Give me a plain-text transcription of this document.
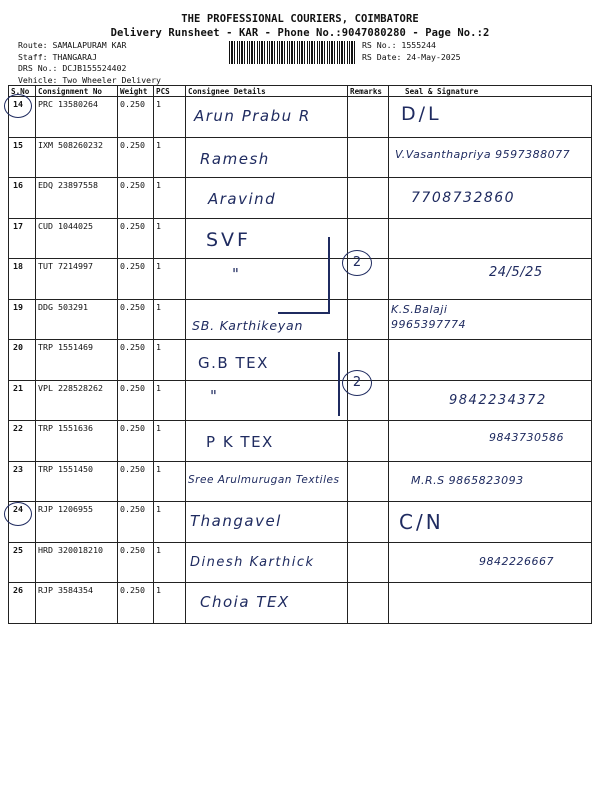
THE PROFESSIONAL COURIERS, COIMBATORE
Delivery Runsheet - KAR - Phone No.:9047080280 - Page No.:2
Route: SAMALAPURAM KAR
Staff: THANGARAJ
DRS No.: DCJB155524402
Vehicle: Two Wheeler Delivery
RS No.: 1555244
RS Date: 24-May-2025
S.No	Consignment No	Weight	PCS	Consignee Details	Remarks	Seal & Signature

14	PRC 13580264	0.250	1	Arun Prabu R		D/L

15	IXM 508260232	0.250	1	Ramesh		V.Vasanthapriya 9597388077

16	EDQ 23897558	0.250	1	Aravind		7708732860

17	CUD 1044025	0.250	1	SVF		

18	TUT 7214997	0.250	1	"		24/5/25

19	DDG 503291	0.250	1	SB. Karthikeyan		K.S.Balaji 9965397774

20	TRP 1551469	0.250	1	G.B TEX		

21	VPL 228528262	0.250	1	"		9842234372

22	TRP 1551636	0.250	1	P K TEX		9843730586

23	TRP 1551450	0.250	1	Sree Arulmurugan Textiles		M.R.S 9865823093

24	RJP 1206955	0.250	1	Thangavel		C/N

25	HRD 320018210	0.250	1	Dinesh Karthick		9842226667

26	RJP 3584354	0.250	1	Choia TEX		

2
2
